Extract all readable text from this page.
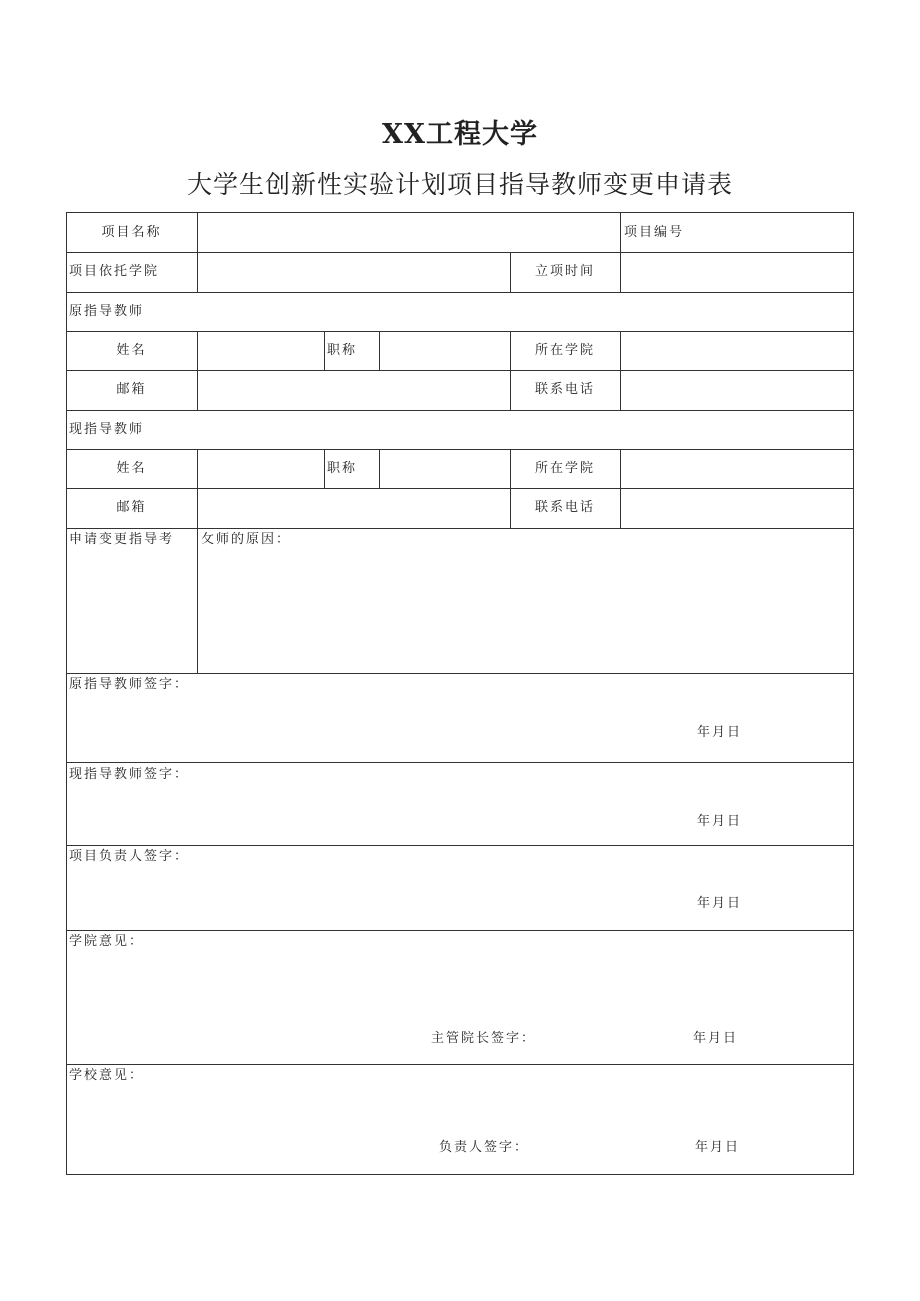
XX工程大学
大学生创新性实验计划项目指导教师变更申请表
项目名称	项目编号
项目依托学院	立项时间
原指导教师
姓名	职称	所在学院
邮箱	联系电话
现指导教师
姓名	职称	所在学院
邮箱	联系电话
申请变更指导考 攵师的原因：
原指导教师签字：
年月日
现指导教师签字：
年月日
项目负责人签字：
年月日
学院意见：
主管院长签字：	年月日
学校意见：
负责人签字：	年月日
